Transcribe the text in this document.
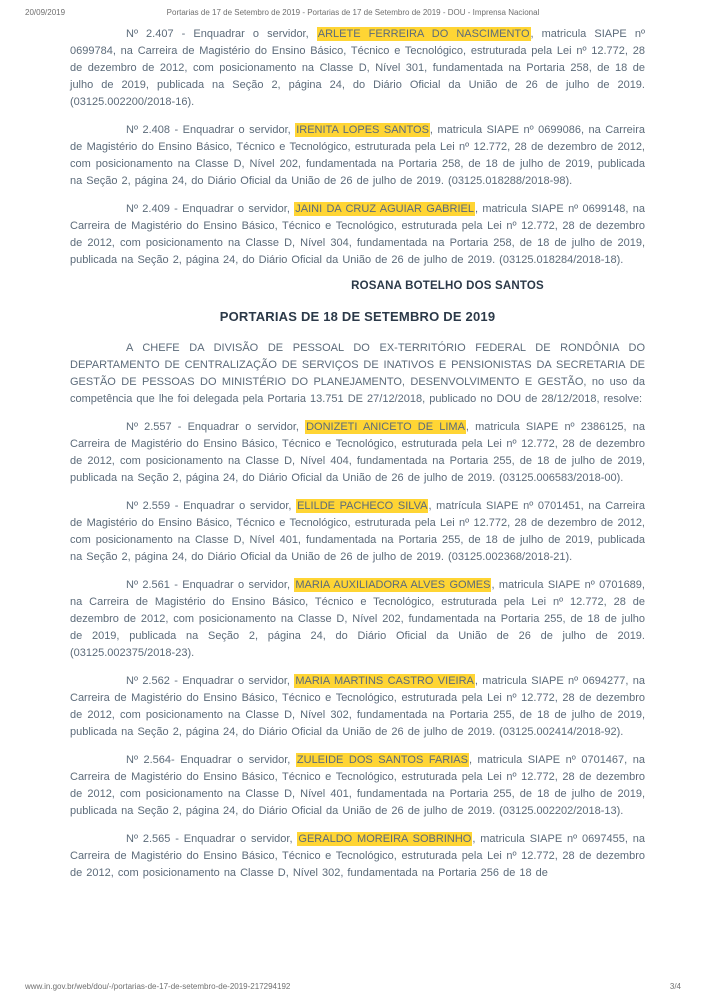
20/09/2019	Portarias de 17 de Setembro de 2019 - Portarias de 17 de Setembro de 2019 - DOU - Imprensa Nacional

Nº 2.407 - Enquadrar o servidor, ARLETE FERREIRA DO NASCIMENTO, matricula SIAPE nº 0699784, na Carreira de Magistério do Ensino Básico, Técnico e Tecnológico, estruturada pela Lei nº 12.772, 28 de dezembro de 2012, com posicionamento na Classe D, Nível 301, fundamentada na Portaria 258, de 18 de julho de 2019, publicada na Seção 2, página 24, do Diário Oficial da União de 26 de julho de 2019. (03125.002200/2018-16).

Nº 2.408 - Enquadrar o servidor, IRENITA LOPES SANTOS, matricula SIAPE nº 0699086, na Carreira de Magistério do Ensino Básico, Técnico e Tecnológico, estruturada pela Lei nº 12.772, 28 de dezembro de 2012, com posicionamento na Classe D, Nível 202, fundamentada na Portaria 258, de 18 de julho de 2019, publicada na Seção 2, página 24, do Diário Oficial da União de 26 de julho de 2019. (03125.018288/2018-98).

Nº 2.409 - Enquadrar o servidor, JAINI DA CRUZ AGUIAR GABRIEL, matricula SIAPE nº 0699148, na Carreira de Magistério do Ensino Básico, Técnico e Tecnológico, estruturada pela Lei nº 12.772, 28 de dezembro de 2012, com posicionamento na Classe D, Nível 304, fundamentada na Portaria 258, de 18 de julho de 2019, publicada na Seção 2, página 24, do Diário Oficial da União de 26 de julho de 2019. (03125.018284/2018-18).

ROSANA BOTELHO DOS SANTOS

PORTARIAS DE 18 DE SETEMBRO DE 2019

A CHEFE DA DIVISÃO DE PESSOAL DO EX-TERRITÓRIO FEDERAL DE RONDÔNIA DO DEPARTAMENTO DE CENTRALIZAÇÃO DE SERVIÇOS DE INATIVOS E PENSIONISTAS DA SECRETARIA DE GESTÃO DE PESSOAS DO MINISTÉRIO DO PLANEJAMENTO, DESENVOLVIMENTO E GESTÃO, no uso da competência que lhe foi delegada pela Portaria 13.751 DE 27/12/2018, publicado no DOU de 28/12/2018, resolve:

Nº 2.557 - Enquadrar o servidor, DONIZETI ANICETO DE LIMA, matricula SIAPE nº 2386125, na Carreira de Magistério do Ensino Básico, Técnico e Tecnológico, estruturada pela Lei nº 12.772, 28 de dezembro de 2012, com posicionamento na Classe D, Nível 404, fundamentada na Portaria 255, de 18 de julho de 2019, publicada na Seção 2, página 24, do Diário Oficial da União de 26 de julho de 2019. (03125.006583/2018-00).

Nº 2.559 - Enquadrar o servidor, ELILDE PACHECO SILVA, matrícula SIAPE nº 0701451, na Carreira de Magistério do Ensino Básico, Técnico e Tecnológico, estruturada pela Lei nº 12.772, 28 de dezembro de 2012, com posicionamento na Classe D, Nível 401, fundamentada na Portaria 255, de 18 de julho de 2019, publicada na Seção 2, página 24, do Diário Oficial da União de 26 de julho de 2019. (03125.002368/2018-21).

Nº 2.561 - Enquadrar o servidor, MARIA AUXILIADORA ALVES GOMES, matricula SIAPE nº 0701689, na Carreira de Magistério do Ensino Básico, Técnico e Tecnológico, estruturada pela Lei nº 12.772, 28 de dezembro de 2012, com posicionamento na Classe D, Nível 202, fundamentada na Portaria 255, de 18 de julho de 2019, publicada na Seção 2, página 24, do Diário Oficial da União de 26 de julho de 2019. (03125.002375/2018-23).

Nº 2.562 - Enquadrar o servidor, MARIA MARTINS CASTRO VIEIRA, matricula SIAPE nº 0694277, na Carreira de Magistério do Ensino Básico, Técnico e Tecnológico, estruturada pela Lei nº 12.772, 28 de dezembro de 2012, com posicionamento na Classe D, Nível 302, fundamentada na Portaria 255, de 18 de julho de 2019, publicada na Seção 2, página 24, do Diário Oficial da União de 26 de julho de 2019. (03125.002414/2018-92).

Nº 2.564- Enquadrar o servidor, ZULEIDE DOS SANTOS FARIAS, matricula SIAPE nº 0701467, na Carreira de Magistério do Ensino Básico, Técnico e Tecnológico, estruturada pela Lei nº 12.772, 28 de dezembro de 2012, com posicionamento na Classe D, Nível 401, fundamentada na Portaria 255, de 18 de julho de 2019, publicada na Seção 2, página 24, do Diário Oficial da União de 26 de julho de 2019. (03125.002202/2018-13).

Nº 2.565 - Enquadrar o servidor, GERALDO MOREIRA SOBRINHO, matricula SIAPE nº 0697455, na Carreira de Magistério do Ensino Básico, Técnico e Tecnológico, estruturada pela Lei nº 12.772, 28 de dezembro de 2012, com posicionamento na Classe D, Nível 302, fundamentada na Portaria 256 de 18 de

www.in.gov.br/web/dou/-/portarias-de-17-de-setembro-de-2019-217294192	3/4
